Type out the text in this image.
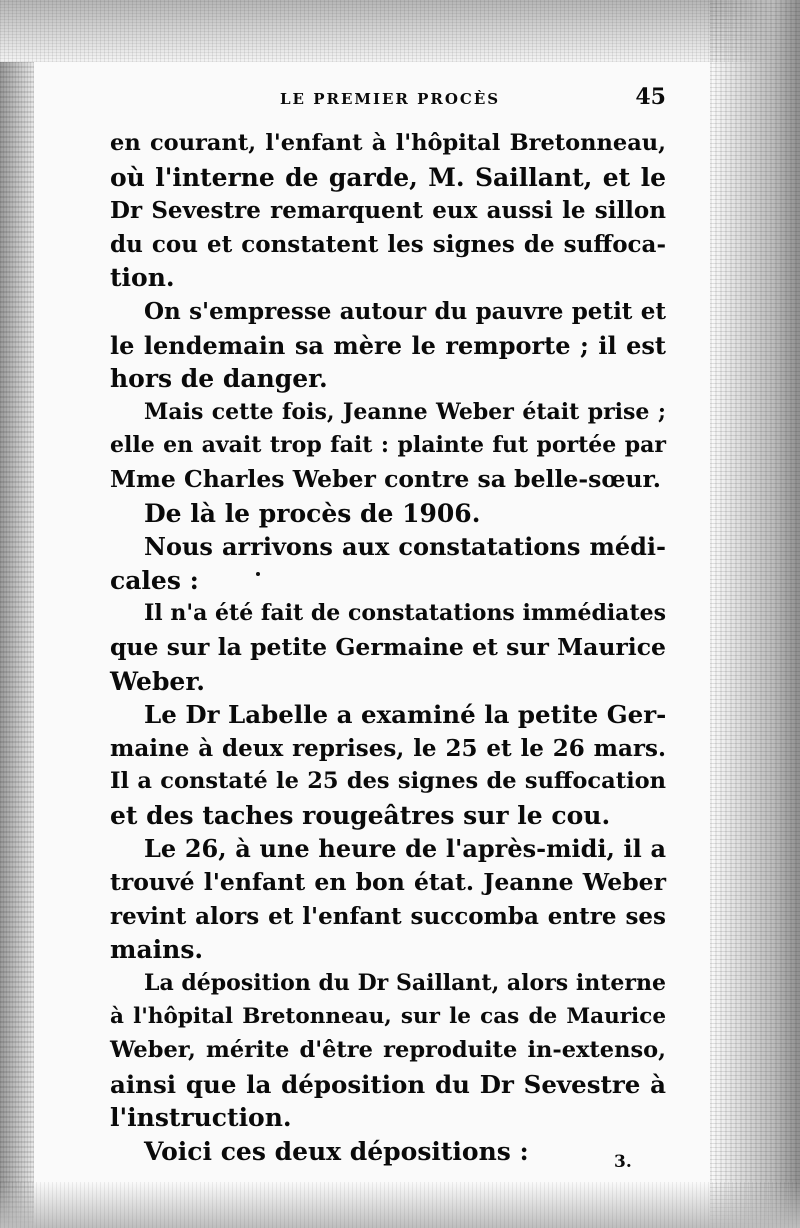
LE PREMIER PROCÈS	45
en courant, l'enfant à l'hôpital Bretonneau,
où l'interne de garde, M. Saillant, et le
Dr Sevestre remarquent eux aussi le sillon
du cou et constatent les signes de suffoca-
tion.
On s'empresse autour du pauvre petit et
le lendemain sa mère le remporte ; il est
hors de danger.
Mais cette fois, Jeanne Weber était prise ;
elle en avait trop fait : plainte fut portée par
Mme Charles Weber contre sa belle-sœur.
De là le procès de 1906.
Nous arrivons aux constatations médi-
cales :
Il n'a été fait de constatations immédiates
que sur la petite Germaine et sur Maurice
Weber.
Le Dr Labelle a examiné la petite Ger-
maine à deux reprises, le 25 et le 26 mars.
Il a constaté le 25 des signes de suffocation
et des taches rougeâtres sur le cou.
Le 26, à une heure de l'après-midi, il a
trouvé l'enfant en bon état. Jeanne Weber
revint alors et l'enfant succomba entre ses
mains.
La déposition du Dr Saillant, alors interne
à l'hôpital Bretonneau, sur le cas de Maurice
Weber, mérite d'être reproduite in-extenso,
ainsi que la déposition du Dr Sevestre à
l'instruction.
Voici ces deux dépositions :	3.
